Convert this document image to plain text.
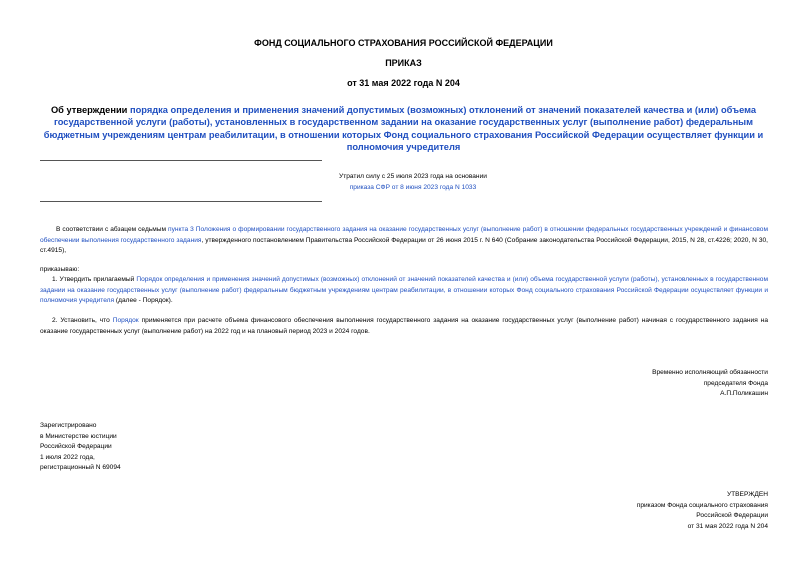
ФОНД СОЦИАЛЬНОГО СТРАХОВАНИЯ РОССИЙСКОЙ ФЕДЕРАЦИИ
ПРИКАЗ
от 31 мая 2022 года N 204
Об утверждении порядка определения и применения значений допустимых (возможных) отклонений от значений показателей качества и (или) объема государственной услуги (работы), установленных в государственном задании на оказание государственных услуг (выполнение работ) федеральным бюджетным учреждениям центрам реабилитации, в отношении которых Фонд социального страхования Российской Федерации осуществляет функции и полномочия учредителя
Утратил силу с 25 июля 2023 года на основании
приказа СФР от 8 июня 2023 года N 1033
В соответствии с абзацем седьмым пункта 3 Положения о формировании государственного задания на оказание государственных услуг (выполнение работ) в отношении федеральных государственных учреждений и финансовом обеспечении выполнения государственного задания, утвержденного постановлением Правительства Российской Федерации от 26 июня 2015 г. N 640 (Собрание законодательства Российской Федерации, 2015, N 28, ст.4226; 2020, N 30, ст.4915),
приказываю:
1. Утвердить прилагаемый Порядок определения и применения значений допустимых (возможных) отклонений от значений показателей качества и (или) объема государственной услуги (работы), установленных в государственном задании на оказание государственных услуг (выполнение работ) федеральным бюджетным учреждениям центрам реабилитации, в отношении которых Фонд социального страхования Российской Федерации осуществляет функции и полномочия учредителя (далее - Порядок).
2. Установить, что Порядок применяется при расчете объема финансового обеспечения выполнения государственного задания на оказание государственных услуг (выполнение работ) начиная с государственного задания на оказание государственных услуг (выполнение работ) на 2022 год и на плановый период 2023 и 2024 годов.
Временно исполняющий обязанности
председателя Фонда
А.П.Поликашин
Зарегистрировано
в Министерстве юстиции
Российской Федерации
1 июля 2022 года,
регистрационный N 69094
УТВЕРЖДЕН
приказом Фонда социального страхования
Российской Федерации
от 31 мая 2022 года N 204
